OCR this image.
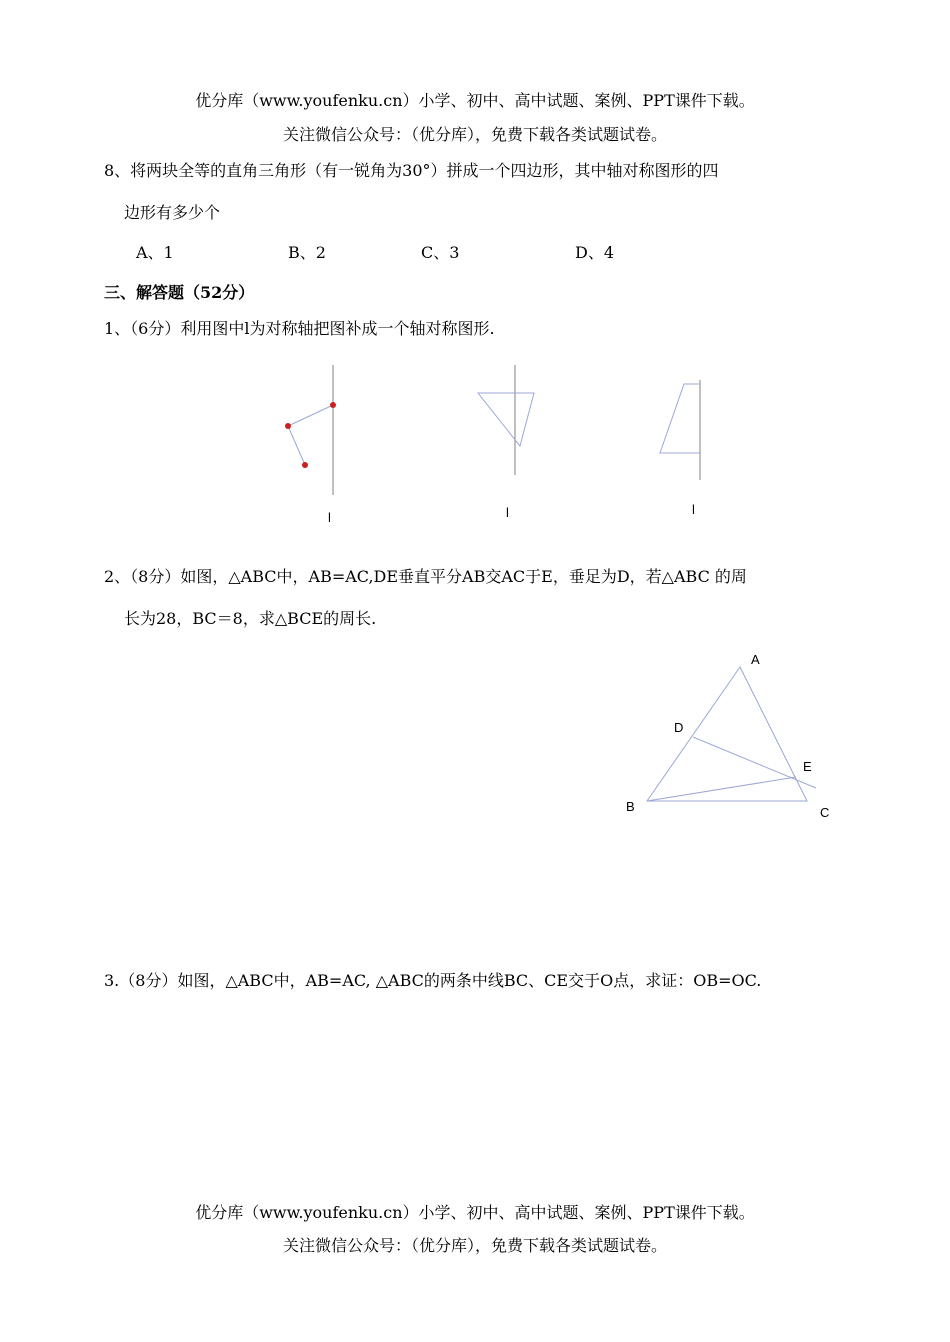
优分库（www.youfenku.cn）小学、初中、高中试题、案例、PPT课件下载。
关注微信公众号：（优分库），免费下载各类试题试卷。
8、将两块全等的直角三角形（有一锐角为30°）拼成一个四边形，其中轴对称图形的四
边形有多少个
A、1	B、2	C、3	D、4
三、解答题（52分）
1、（6分）利用图中l为对称轴把图补成一个轴对称图形.
l	l	l
2、（8分）如图，△ABC中，AB=AC,DE垂直平分AB交AC于E，垂足为D，若△ABC 的周
长为28，BC＝8，求△BCE的周长.
A
D
E
B	C
3.（8分）如图，△ABC中，AB=AC, △ABC的两条中线BC、CE交于O点，求证：OB=OC.
优分库（www.youfenku.cn）小学、初中、高中试题、案例、PPT课件下载。
关注微信公众号：（优分库），免费下载各类试题试卷。
